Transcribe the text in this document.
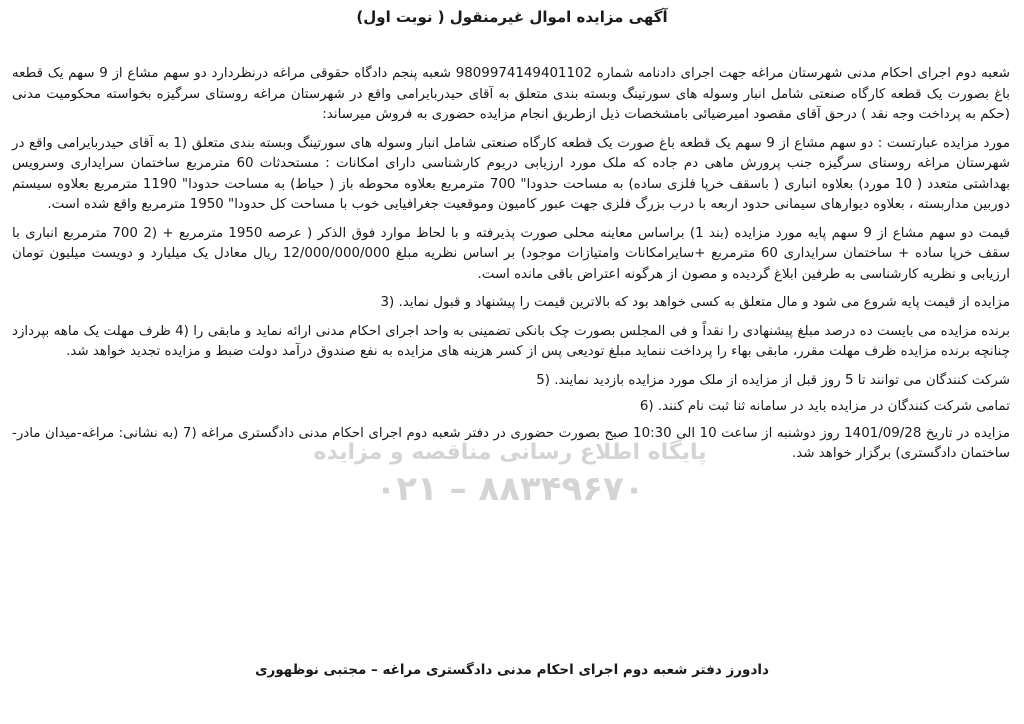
پایگاه اطلاع رسانی مناقصه و مزایده
۰۲۱ – ۸۸۳۴۹۶۷۰
آگهی مزایده اموال غیرمنقول ( نوبت اول)

شعبه دوم اجرای احکام مدنی شهرستان مراغه جهت اجرای دادنامه شماره 9809974149401102 شعبه پنجم دادگاه حقوقی مراغه درنظردارد دو سهم مشاع از 9 سهم یک قطعه باغ بصورت یک قطعه کارگاه صنعتی شامل انبار وسوله های سورتینگ وبسته بندی متعلق به آقای حیدربایرامی واقع در شهرستان مراغه روستای سرگیزه بخواسته محکومیت مدنی (حکم به پرداخت وجه نقد ) درحق آقای مقصود امیرضیائی بامشخصات ذیل ازطریق انجام مزایده حضوری به فروش میرساند:

مورد مزایده عبارتست : دو سهم مشاع از 9 سهم یک قطعه باغ صورت یک قطعه کارگاه صنعتی شامل انبار وسوله های سورتینگ وبسته بندی متعلق (1 به آقای حیدربایرامی واقع در شهرستان مراغه روستای سرگیزه جنب پرورش ماهی دم جاده که ملک مورد ارزیابی دریوم کارشناسی دارای امکانات : مستحدثات 60 مترمربع ساختمان سرایداری وسرویس بهداشتی متعدد ( 10 مورد) بعلاوه انباری ( باسقف خرپا فلزی ساده) به مساحت حدودا" 700 مترمربع بعلاوه محوطه باز ( حیاط) به مساحت حدودا" 1190 مترمربع بعلاوه سیستم دوربین مداربسته ، بعلاوه دیوارهای سیمانی حدود اربعه با درب بزرگ فلزی جهت عبور کامیون وموقعیت جغرافیایی خوب با مساحت کل حدودا" 1950 مترمربع واقع شده است.

قیمت دو سهم مشاع از 9 سهم پایه مورد مزایده (بند 1) براساس معاینه محلی صورت پذیرفته و با لحاظ موارد فوق الذکر ( عرصه 1950 مترمربع + (2 700 مترمربع انباری با سقف خرپا ساده + ساختمان سرایداری 60 مترمربع +سایرامکانات وامتیازات موجود) بر اساس نظریه مبلغ 12/000/000/000 ریال معادل یک میلیارد و دویست میلیون تومان ارزیابی و نظریه کارشناسی به طرفین ابلاغ گردیده و مصون از هرگونه اعتراض باقی مانده است.

مزایده از قیمت پایه شروع می شود و مال متعلق به کسی خواهد بود که بالاترین قیمت را پیشنهاد و قبول نماید. (3

برنده مزایده می بایست ده درصد مبلغ پیشنهادی را نقداً و فی المجلس بصورت چک بانکی تضمینی به واحد اجرای احکام مدنی ارائه نماید و مابقی را (4 ظرف مهلت یک ماهه بپردازد چنانچه برنده مزایده ظرف مهلت مقرر، مابقی بهاء را پرداخت ننماید مبلغ تودیعی پس از کسر هزینه های مزایده به نفع صندوق درآمد دولت ضبط و مزایده تجدید خواهد شد.

شرکت کنندگان می توانند تا 5 روز قبل از مزایده از ملک مورد مزایده بازدید نمایند. (5

تمامی شرکت کنندگان در مزایده باید در سامانه ثنا ثبت نام کنند. (6

مزایده در تاریخ 1401/09/28 روز دوشنبه از ساعت 10 الی 10:30 صبح بصورت حضوری در دفتر شعبه دوم اجرای احکام مدنی دادگستری مراغه (7 (به نشانی: مراغه-میدان مادر-ساختمان دادگستری) برگزار خواهد شد.

دادورز دفتر شعبه دوم اجرای احکام مدنی دادگستری مراغه – مجتبی نوظهوری
